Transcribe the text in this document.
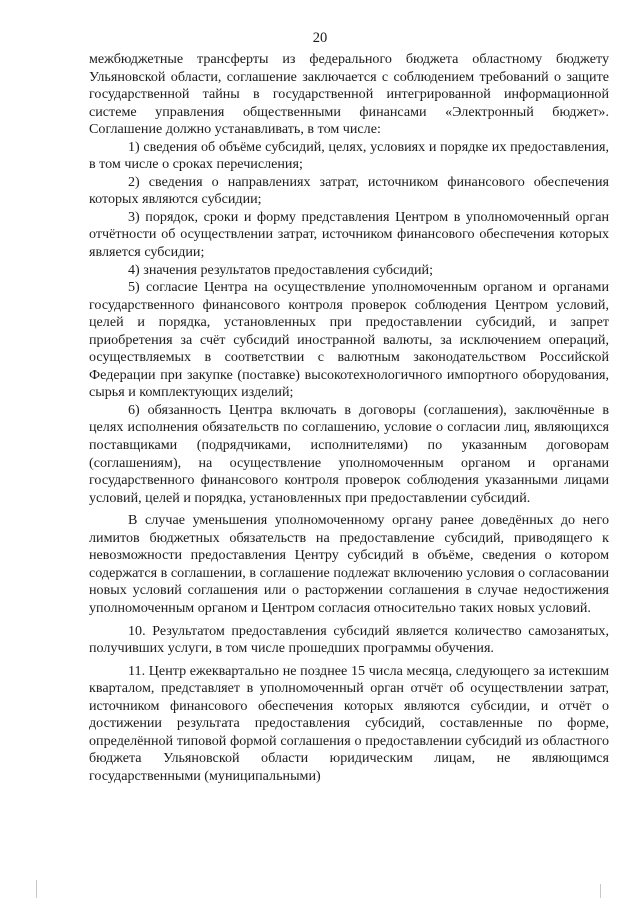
20

межбюджетные трансферты из федерального бюджета областному бюджету Ульяновской области, соглашение заключается с соблюдением требований о защите государственной тайны в государственной интегрированной информационной системе управления общественными финансами «Электронный бюджет». Соглашение должно устанавливать, в том числе:

1) сведения об объёме субсидий, целях, условиях и порядке их предоставления, в том числе о сроках перечисления;

2) сведения о направлениях затрат, источником финансового обеспечения которых являются субсидии;

3) порядок, сроки и форму представления Центром в уполномоченный орган отчётности об осуществлении затрат, источником финансового обеспечения которых является субсидии;

4) значения результатов предоставления субсидий;

5) согласие Центра на осуществление уполномоченным органом и органами государственного финансового контроля проверок соблюдения Центром условий, целей и порядка, установленных при предоставлении субсидий, и запрет приобретения за счёт субсидий иностранной валюты, за исключением операций, осуществляемых в соответствии с валютным законодательством Российской Федерации при закупке (поставке) высокотехнологичного импортного оборудования, сырья и комплектующих изделий;

6) обязанность Центра включать в договоры (соглашения), заключённые в целях исполнения обязательств по соглашению, условие о согласии лиц, являющихся поставщиками (подрядчиками, исполнителями) по указанным договорам (соглашениям), на осуществление уполномоченным органом и органами государственного финансового контроля проверок соблюдения указанными лицами условий, целей и порядка, установленных при предоставлении субсидий.

В случае уменьшения уполномоченному органу ранее доведённых до него лимитов бюджетных обязательств на предоставление субсидий, приводящего к невозможности предоставления Центру субсидий в объёме, сведения о котором содержатся в соглашении, в соглашение подлежат включению условия о согласовании новых условий соглашения или о расторжении соглашения в случае недостижения уполномоченным органом и Центром согласия относительно таких новых условий.

10. Результатом предоставления субсидий является количество самозанятых, получивших услуги, в том числе прошедших программы обучения.

11. Центр ежеквартально не позднее 15 числа месяца, следующего за истекшим кварталом, представляет в уполномоченный орган отчёт об осуществлении затрат, источником финансового обеспечения которых являются субсидии, и отчёт о достижении результата предоставления субсидий, составленные по форме, определённой типовой формой соглашения о предоставлении субсидий из областного бюджета Ульяновской области юридическим лицам, не являющимся государственными (муниципальными)
